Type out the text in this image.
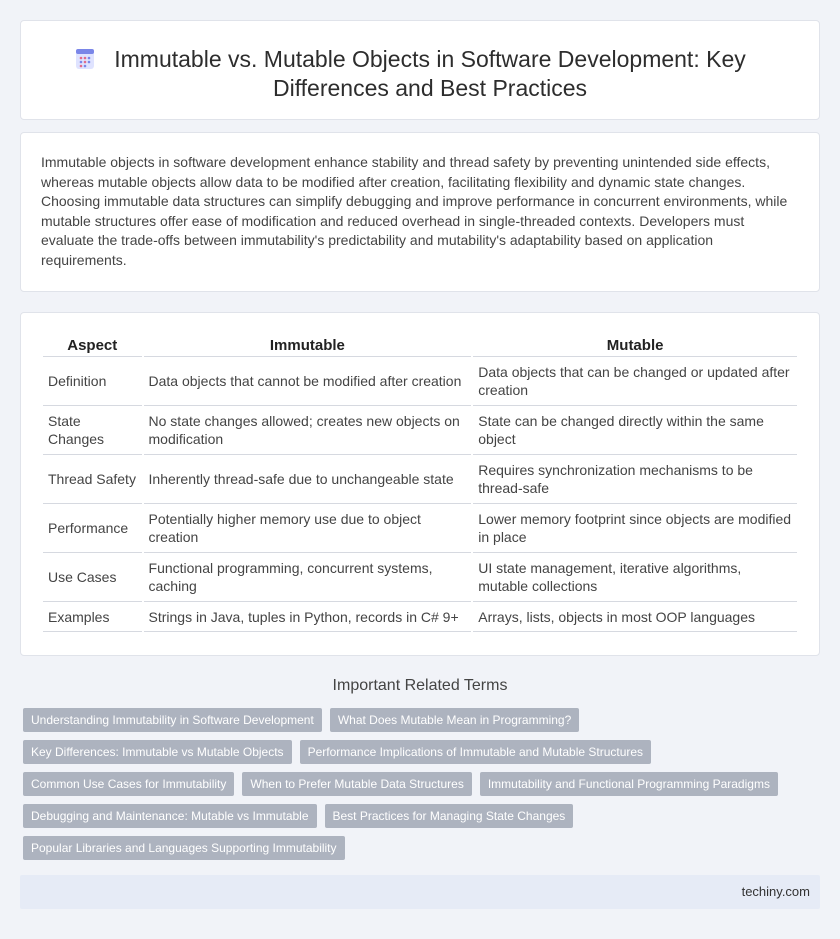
Immutable vs. Mutable Objects in Software Development: Key Differences and Best Practices

Immutable objects in software development enhance stability and thread safety by preventing unintended side effects, whereas mutable objects allow data to be modified after creation, facilitating flexibility and dynamic state changes. Choosing immutable data structures can simplify debugging and improve performance in concurrent environments, while mutable structures offer ease of modification and reduced overhead in single-threaded contexts. Developers must evaluate the trade-offs between immutability's predictability and mutability's adaptability based on application requirements.

Aspect	Immutable	Mutable
Definition	Data objects that cannot be modified after creation	Data objects that can be changed or updated after creation
State Changes	No state changes allowed; creates new objects on modification	State can be changed directly within the same object
Thread Safety	Inherently thread-safe due to unchangeable state	Requires synchronization mechanisms to be thread-safe
Performance	Potentially higher memory use due to object creation	Lower memory footprint since objects are modified in place
Use Cases	Functional programming, concurrent systems, caching	UI state management, iterative algorithms, mutable collections
Examples	Strings in Java, tuples in Python, records in C# 9+	Arrays, lists, objects in most OOP languages
Important Related Terms
Understanding Immutability in Software Development	What Does Mutable Mean in Programming?
Key Differences: Immutable vs Mutable Objects	Performance Implications of Immutable and Mutable Structures
Common Use Cases for Immutability	When to Prefer Mutable Data Structures	Immutability and Functional Programming Paradigms
Debugging and Maintenance: Mutable vs Immutable	Best Practices for Managing State Changes
Popular Libraries and Languages Supporting Immutability
techiny.com
